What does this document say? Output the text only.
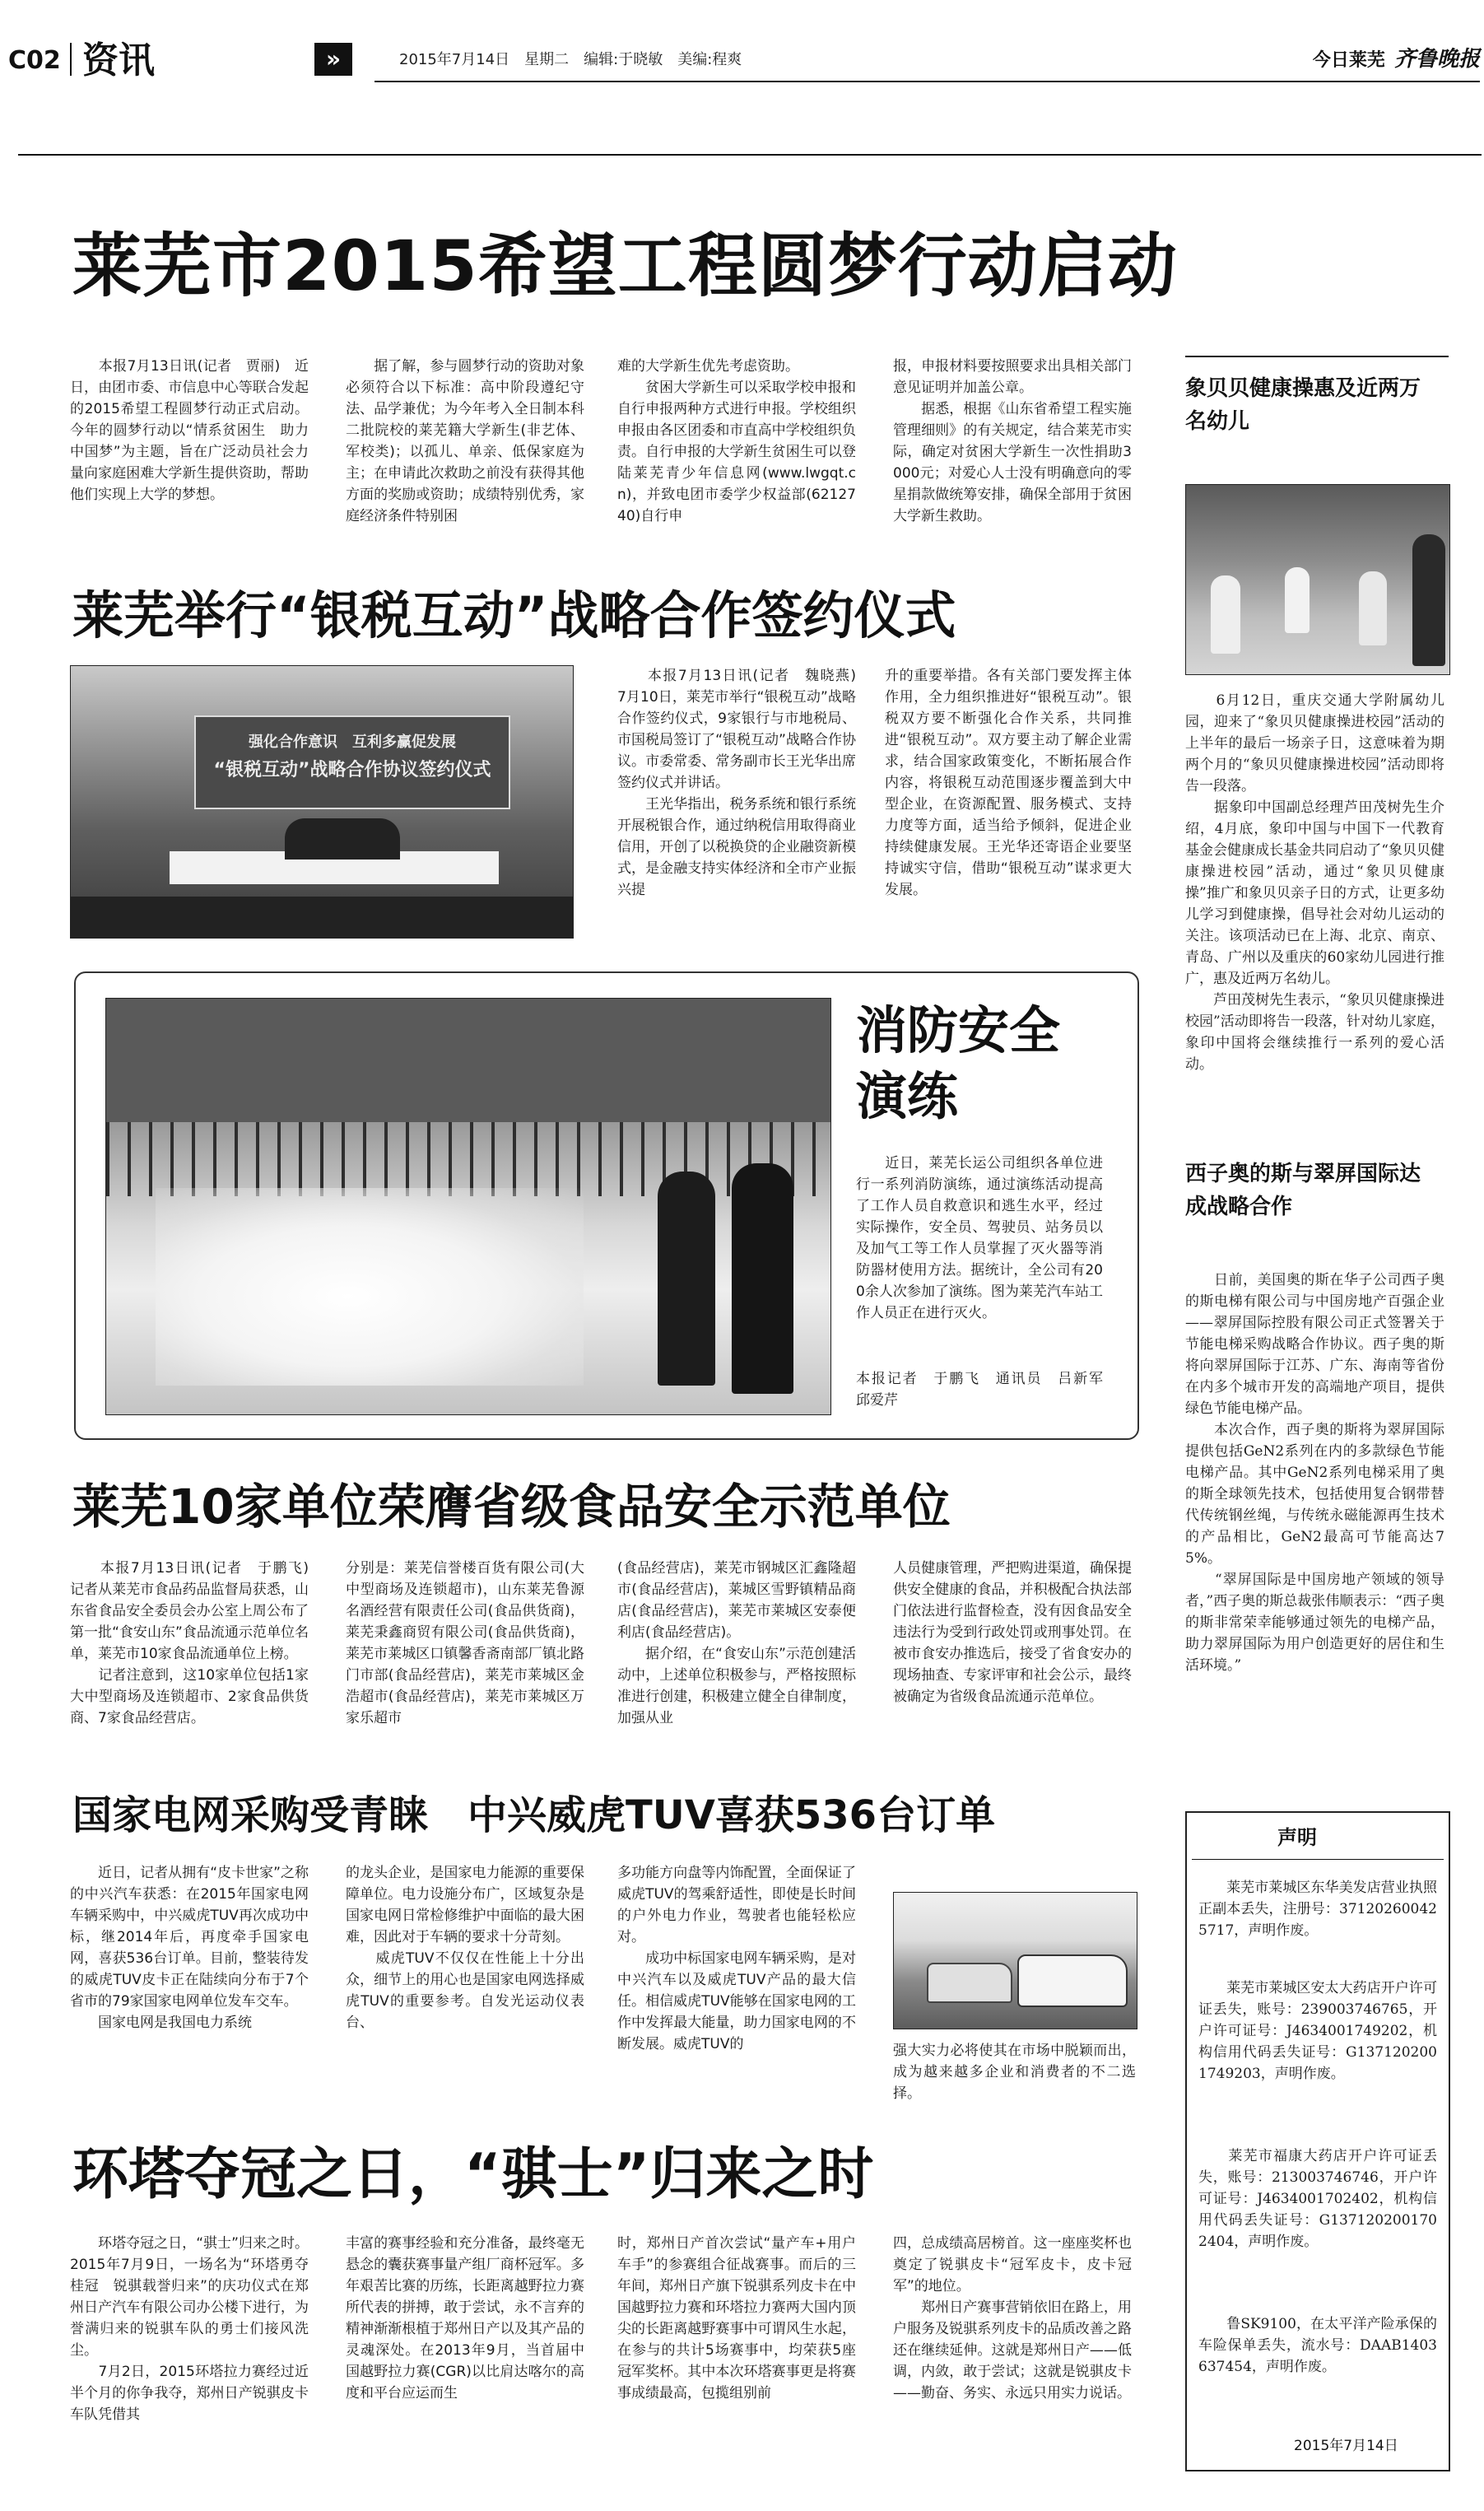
C02 资讯	»	2015年7月14日　星期二　编辑:于晓敏　美编:程爽	今日莱芜 齐鲁晚报
莱芜市2015希望工程圆梦行动启动
　　本报7月13日讯(记者　贾丽)　近日，由团市委、市信息中心等联合发起的2015希望工程圆梦行动正式启动。今年的圆梦行动以“情系贫困生　助力中国梦”为主题，旨在广泛动员社会力量向家庭困难大学新生提供资助，帮助他们实现上大学的梦想。
　　据了解，参与圆梦行动的资助对象必须符合以下标准：高中阶段遵纪守法、品学兼优；为今年考入全日制本科二批院校的莱芜籍大学新生(非艺体、军校类)；以孤儿、单亲、低保家庭为主；在申请此次救助之前没有获得其他方面的奖励或资助；成绩特别优秀，家庭经济条件特别困
难的大学新生优先考虑资助。
　　贫困大学新生可以采取学校申报和自行申报两种方式进行申报。学校组织申报由各区团委和市直高中学校组织负责。自行申报的大学新生贫困生可以登陆莱芜青少年信息网(www.lwgqt.cn)，并致电团市委学少权益部(6212740)自行申
报，申报材料要按照要求出具相关部门意见证明并加盖公章。
　　据悉，根据《山东省希望工程实施管理细则》的有关规定，结合莱芜市实际，确定对贫困大学新生一次性捐助3000元；对爱心人士没有明确意向的零星捐款做统筹安排，确保全部用于贫困大学新生救助。
莱芜举行“银税互动”战略合作签约仪式
强化合作意识　互利多赢促发展
“银税互动”战略合作协议签约仪式
　　本报7月13日讯(记者　魏晓燕)　7月10日，莱芜市举行“银税互动”战略合作签约仪式，9家银行与市地税局、市国税局签订了“银税互动”战略合作协议。市委常委、常务副市长王光华出席签约仪式并讲话。
　　王光华指出，税务系统和银行系统开展税银合作，通过纳税信用取得商业信用，开创了以税换贷的企业融资新模式，是金融支持实体经济和全市产业振兴提
升的重要举措。各有关部门要发挥主体作用，全力组织推进好“银税互动”。银税双方要不断强化合作关系，共同推进“银税互动”。双方要主动了解企业需求，结合国家政策变化，不断拓展合作内容，将银税互动范围逐步覆盖到大中型企业，在资源配置、服务模式、支持力度等方面，适当给予倾斜，促进企业持续健康发展。王光华还寄语企业要坚持诚实守信，借助“银税互动”谋求更大发展。
消防安全演练
　　近日，莱芜长运公司组织各单位进行一系列消防演练，通过演练活动提高了工作人员自救意识和逃生水平，经过实际操作，安全员、驾驶员、站务员以及加气工等工作人员掌握了灭火器等消防器材使用方法。据统计，全公司有200余人次参加了演练。图为莱芜汽车站工作人员正在进行灭火。
本报记者　于鹏飞　通讯员　吕新军　邱爱芹
莱芜10家单位荣膺省级食品安全示范单位
　　本报7月13日讯(记者　于鹏飞)　记者从莱芜市食品药品监督局获悉，山东省食品安全委员会办公室上周公布了第一批“食安山东”食品流通示范单位名单，莱芜市10家食品流通单位上榜。
　　记者注意到，这10家单位包括1家大中型商场及连锁超市、2家食品供货商、7家食品经营店。
分别是：莱芜信誉楼百货有限公司(大中型商场及连锁超市)，山东莱芜鲁源名酒经营有限责任公司(食品供货商)，莱芜秉鑫商贸有限公司(食品供货商)，莱芜市莱城区口镇馨香斋南部厂镇北路门市部(食品经营店)，莱芜市莱城区金浩超市(食品经营店)，莱芜市莱城区万家乐超市
(食品经营店)，莱芜市钢城区汇鑫隆超市(食品经营店)，莱城区雪野镇精品商店(食品经营店)，莱芜市莱城区安泰便利店(食品经营店)。
　　据介绍，在“食安山东”示范创建活动中，上述单位积极参与，严格按照标准进行创建，积极建立健全自律制度，加强从业
人员健康管理，严把购进渠道，确保提供安全健康的食品，并积极配合执法部门依法进行监督检查，没有因食品安全违法行为受到行政处罚或刑事处罚。在被市食安办推选后，接受了省食安办的现场抽查、专家评审和社会公示，最终被确定为省级食品流通示范单位。
国家电网采购受青睐　中兴威虎TUV喜获536台订单
　　近日，记者从拥有“皮卡世家”之称的中兴汽车获悉：在2015年国家电网车辆采购中，中兴威虎TUV再次成功中标，继2014年后，再度牵手国家电网，喜获536台订单。目前，整装待发的威虎TUV皮卡正在陆续向分布于7个省市的79家国家电网单位发车交车。
　　国家电网是我国电力系统
的龙头企业，是国家电力能源的重要保障单位。电力设施分布广，区域复杂是国家电网日常检修维护中面临的最大困难，因此对于车辆的要求十分苛刻。
　　威虎TUV不仅仅在性能上十分出众，细节上的用心也是国家电网选择威虎TUV的重要参考。自发光运动仪表台、
多功能方向盘等内饰配置，全面保证了威虎TUV的驾乘舒适性，即使是长时间的户外电力作业，驾驶者也能轻松应对。
　　成功中标国家电网车辆采购，是对中兴汽车以及威虎TUV产品的最大信任。相信威虎TUV能够在国家电网的工作中发挥最大能量，助力国家电网的不断发展。威虎TUV的	强大实力必将使其在市场中脱颖而出，成为越来越多企业和消费者的不二选择。
环塔夺冠之日，“骐士”归来之时
　　环塔夺冠之日，“骐士”归来之时。2015年7月9日，一场名为“环塔勇夺桂冠　锐骐载誉归来”的庆功仪式在郑州日产汽车有限公司办公楼下进行，为誉满归来的锐骐车队的勇士们接风洗尘。
　　7月2日，2015环塔拉力赛经过近半个月的你争我夺，郑州日产锐骐皮卡车队凭借其
丰富的赛事经验和充分准备，最终毫无悬念的囊获赛事量产组厂商杯冠军。多年艰苦比赛的历练，长距离越野拉力赛所代表的拼搏，敢于尝试，永不言弃的精神渐渐根植于郑州日产以及其产品的灵魂深处。在2013年9月，当首届中国越野拉力赛(CGR)以比肩达喀尔的高度和平台应运而生
时，郑州日产首次尝试“量产车+用户车手”的参赛组合征战赛事。而后的三年间，郑州日产旗下锐骐系列皮卡在中国越野拉力赛和环塔拉力赛两大国内顶尖的长距离越野赛事中可谓风生水起，在参与的共计5场赛事中，均荣获5座冠军奖杯。其中本次环塔赛事更是将赛事成绩最高，包揽组别前
四，总成绩高居榜首。这一座座奖杯也奠定了锐骐皮卡“冠军皮卡，皮卡冠军”的地位。
　　郑州日产赛事营销依旧在路上，用户服务及锐骐系列皮卡的品质改善之路还在继续延伸。这就是郑州日产——低调，内敛，敢于尝试；这就是锐骐皮卡——勤奋、务实、永远只用实力说话。
象贝贝健康操惠及近两万名幼儿
　　6月12日，重庆交通大学附属幼儿园，迎来了“象贝贝健康操进校园”活动的上半年的最后一场亲子日，这意味着为期两个月的“象贝贝健康操进校园”活动即将告一段落。
　　据象印中国副总经理芦田茂树先生介绍，4月底，象印中国与中国下一代教育基金会健康成长基金共同启动了“象贝贝健康操进校园”活动，通过“象贝贝健康操”推广和象贝贝亲子日的方式，让更多幼儿学习到健康操，倡导社会对幼儿运动的关注。该项活动已在上海、北京、南京、青岛、广州以及重庆的60家幼儿园进行推广，惠及近两万名幼儿。
　　芦田茂树先生表示，“象贝贝健康操进校园”活动即将告一段落，针对幼儿家庭，象印中国将会继续推行一系列的爱心活动。
西子奥的斯与翠屏国际达成战略合作
　　日前，美国奥的斯在华子公司西子奥的斯电梯有限公司与中国房地产百强企业——翠屏国际控股有限公司正式签署关于节能电梯采购战略合作协议。西子奥的斯将向翠屏国际于江苏、广东、海南等省份在内多个城市开发的高端地产项目，提供绿色节能电梯产品。
　　本次合作，西子奥的斯将为翠屏国际提供包括GeN2系列在内的多款绿色节能电梯产品。其中GeN2系列电梯采用了奥的斯全球领先技术，包括使用复合钢带替代传统钢丝绳，与传统永磁能源再生技术的产品相比，GeN2最高可节能高达75%。
　　“翠屏国际是中国房地产领域的领导者，”西子奥的斯总裁张伟顺表示：“西子奥的斯非常荣幸能够通过领先的电梯产品，助力翠屏国际为用户创造更好的居住和生活环境。”
声明
　　莱芜市莱城区东华美发店营业执照正副本丢失，注册号：371202600425717，声明作废。
　　莱芜市莱城区安太大药店开户许可证丢失，账号：239003746765，开户许可证号：J4634001749202，机构信用代码丢失证号：G1371202001749203，声明作废。
　　莱芜市福康大药店开户许可证丢失，账号：213003746746，开户许可证号：J4634001702402，机构信用代码丢失证号：G1371202001702404，声明作废。
　　鲁SK9100，在太平洋产险承保的车险保单丢失，流水号：DAAB1403637454，声明作废。
2015年7月14日
